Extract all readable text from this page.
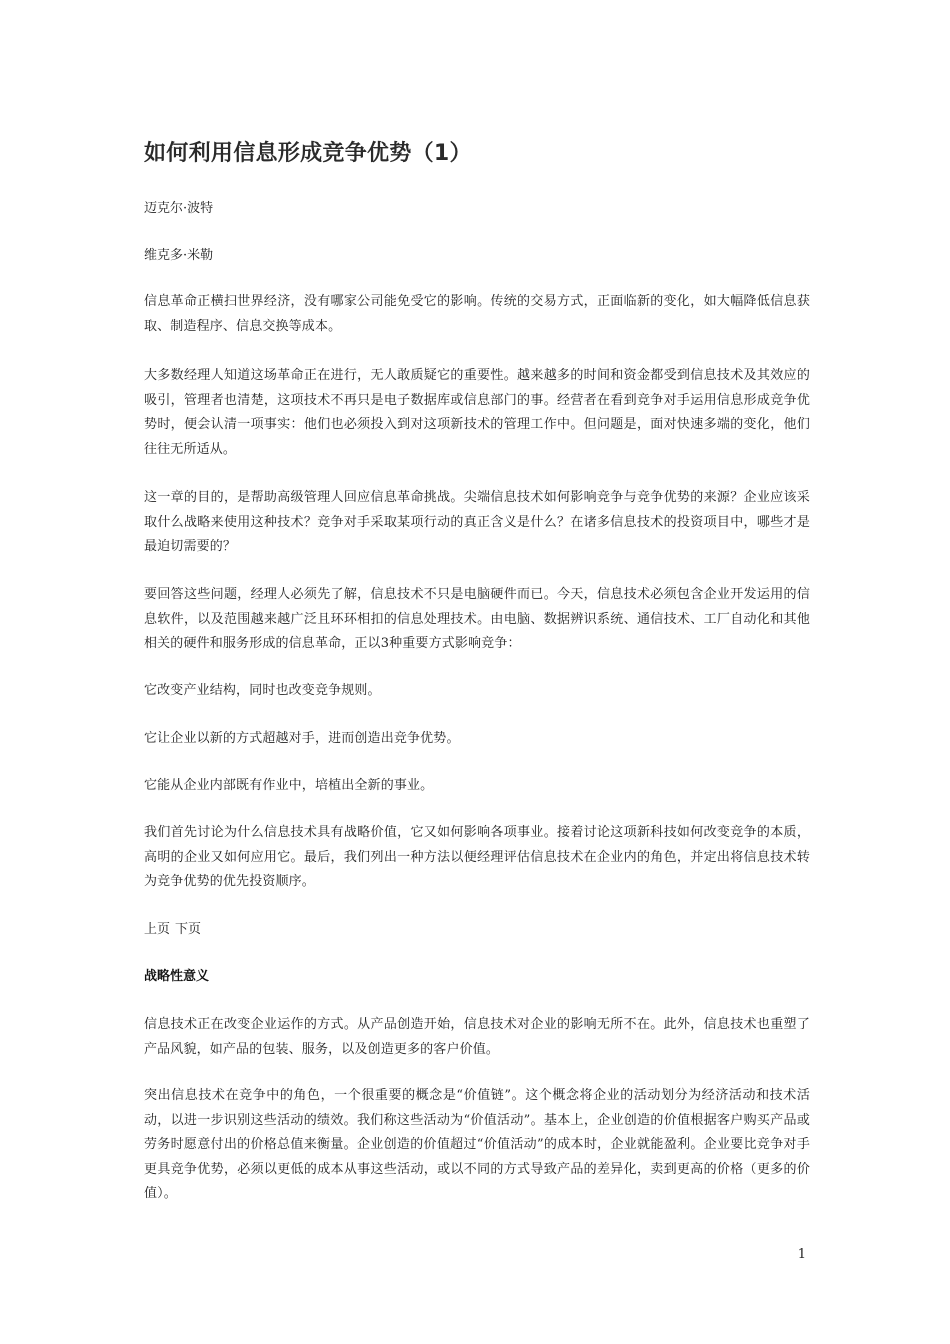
如何利用信息形成竞争优势（1）

迈克尔·波特

维克多·米勒

信息革命正横扫世界经济，没有哪家公司能免受它的影响。传统的交易方式，正面临新的变化，如大幅降低信息获取、制造程序、信息交换等成本。

大多数经理人知道这场革命正在进行，无人敢质疑它的重要性。越来越多的时间和资金都受到信息技术及其效应的吸引，管理者也清楚，这项技术不再只是电子数据库或信息部门的事。经营者在看到竞争对手运用信息形成竞争优势时，便会认清一项事实：他们也必须投入到对这项新技术的管理工作中。但问题是，面对快速多端的变化，他们往往无所适从。

这一章的目的，是帮助高级管理人回应信息革命挑战。尖端信息技术如何影响竞争与竞争优势的来源？企业应该采取什么战略来使用这种技术？竞争对手采取某项行动的真正含义是什么？在诸多信息技术的投资项目中，哪些才是最迫切需要的？

要回答这些问题，经理人必须先了解，信息技术不只是电脑硬件而已。今天，信息技术必须包含企业开发运用的信息软件，以及范围越来越广泛且环环相扣的信息处理技术。由电脑、数据辨识系统、通信技术、工厂自动化和其他相关的硬件和服务形成的信息革命，正以3种重要方式影响竞争：

它改变产业结构，同时也改变竞争规则。

它让企业以新的方式超越对手，进而创造出竞争优势。

它能从企业内部既有作业中，培植出全新的事业。

我们首先讨论为什么信息技术具有战略价值，它又如何影响各项事业。接着讨论这项新科技如何改变竞争的本质，高明的企业又如何应用它。最后，我们列出一种方法以便经理评估信息技术在企业内的角色，并定出将信息技术转为竞争优势的优先投资顺序。

上页 下页
战略性意义

信息技术正在改变企业运作的方式。从产品创造开始，信息技术对企业的影响无所不在。此外，信息技术也重塑了产品风貌，如产品的包装、服务，以及创造更多的客户价值。

突出信息技术在竞争中的角色，一个很重要的概念是“价值链”。这个概念将企业的活动划分为经济活动和技术活动，以进一步识别这些活动的绩效。我们称这些活动为“价值活动”。基本上，企业创造的价值根据客户购买产品或劳务时愿意付出的价格总值来衡量。企业创造的价值超过“价值活动”的成本时，企业就能盈利。企业要比竞争对手更具竞争优势，必须以更低的成本从事这些活动，或以不同的方式导致产品的差异化，卖到更高的价格（更多的价值）。

1
